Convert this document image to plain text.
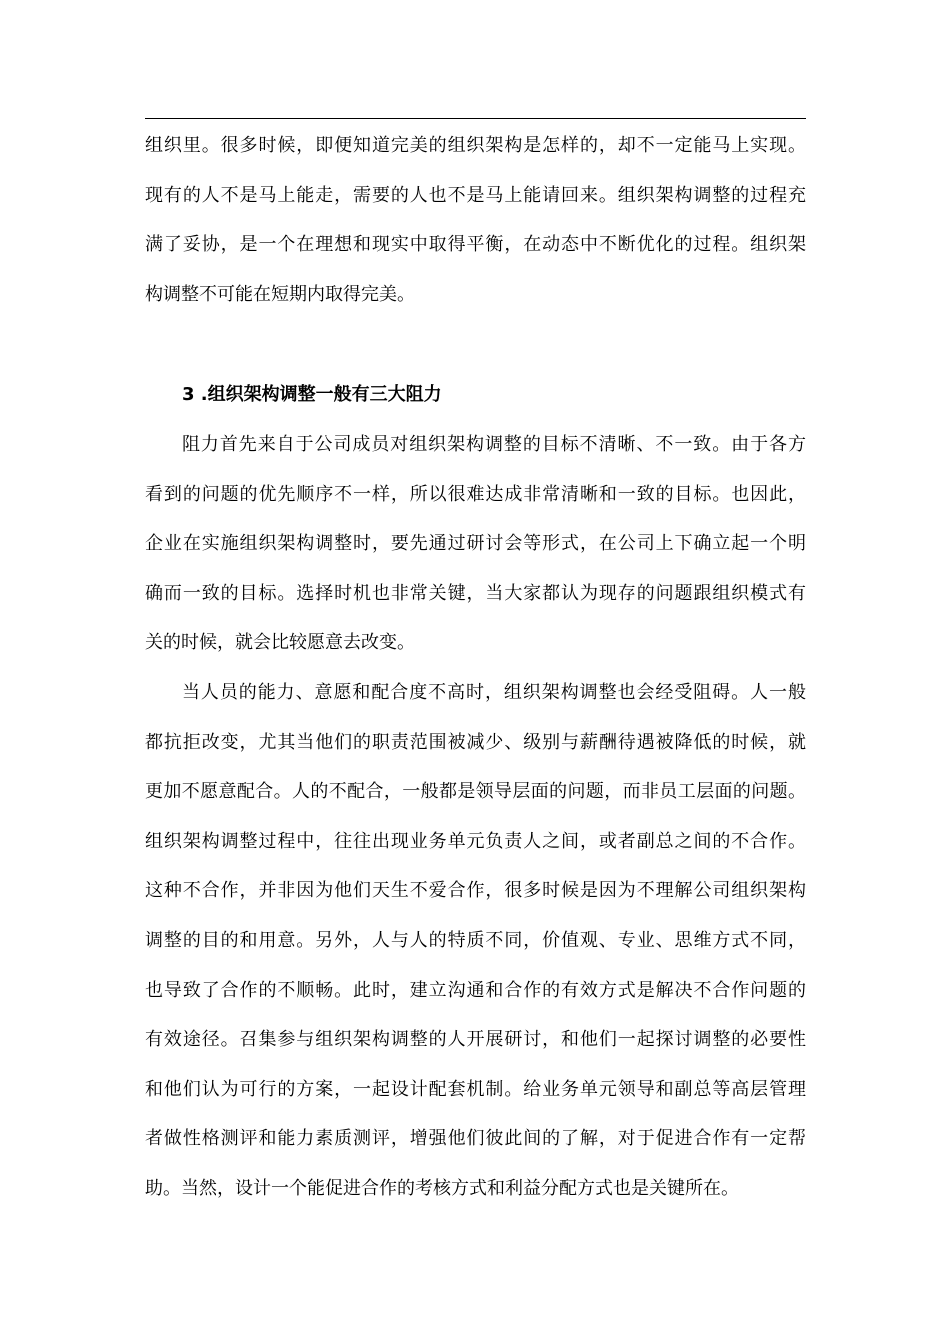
组织里。很多时候，即便知道完美的组织架构是怎样的，却不一定能马上实现。
现有的人不是马上能走，需要的人也不是马上能请回来。组织架构调整的过程充
满了妥协，是一个在理想和现实中取得平衡，在动态中不断优化的过程。组织架
构调整不可能在短期内取得完美。
3 .组织架构调整一般有三大阻力
阻力首先来自于公司成员对组织架构调整的目标不清晰、不一致。由于各方
看到的问题的优先顺序不一样，所以很难达成非常清晰和一致的目标。也因此，
企业在实施组织架构调整时，要先通过研讨会等形式，在公司上下确立起一个明
确而一致的目标。选择时机也非常关键，当大家都认为现存的问题跟组织模式有
关的时候，就会比较愿意去改变。
当人员的能力、意愿和配合度不高时，组织架构调整也会经受阻碍。人一般
都抗拒改变，尤其当他们的职责范围被减少、级别与薪酬待遇被降低的时候，就
更加不愿意配合。人的不配合，一般都是领导层面的问题，而非员工层面的问题。
组织架构调整过程中，往往出现业务单元负责人之间，或者副总之间的不合作。
这种不合作，并非因为他们天生不爱合作，很多时候是因为不理解公司组织架构
调整的目的和用意。另外，人与人的特质不同，价值观、专业、思维方式不同，
也导致了合作的不顺畅。此时，建立沟通和合作的有效方式是解决不合作问题的
有效途径。召集参与组织架构调整的人开展研讨，和他们一起探讨调整的必要性
和他们认为可行的方案，一起设计配套机制。给业务单元领导和副总等高层管理
者做性格测评和能力素质测评，增强他们彼此间的了解，对于促进合作有一定帮
助。当然，设计一个能促进合作的考核方式和利益分配方式也是关键所在。
